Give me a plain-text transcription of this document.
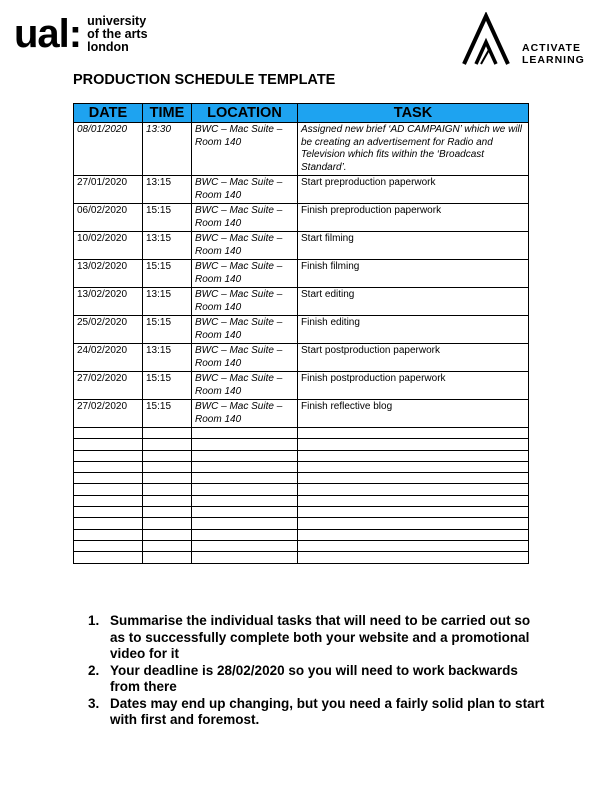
ual: university
of the arts
london	ACTIVATE
LEARNING
PRODUCTION SCHEDULE TEMPLATE
DATE	TIME	LOCATION	TASK
08/01/2020	13:30	BWC – Mac Suite – Room 140	Assigned new brief ‘AD CAMPAIGN’ which we will be creating an advertisement for Radio and Television which fits within the ‘Broadcast Standard’.
27/01/2020	13:15	BWC – Mac Suite – Room 140	Start preproduction paperwork
06/02/2020	15:15	BWC – Mac Suite – Room 140	Finish preproduction paperwork
10/02/2020	13:15	BWC – Mac Suite – Room 140	Start filming
13/02/2020	15:15	BWC – Mac Suite – Room 140	Finish filming
13/02/2020	13:15	BWC – Mac Suite – Room 140	Start editing
25/02/2020	15:15	BWC – Mac Suite – Room 140	Finish editing
24/02/2020	13:15	BWC – Mac Suite – Room 140	Start postproduction paperwork
27/02/2020	15:15	BWC – Mac Suite – Room 140	Finish postproduction paperwork
27/02/2020	15:15	BWC – Mac Suite – Room 140	Finish reflective blog

1. Summarise the individual tasks that will need to be carried out so as to successfully complete both your website and a promotional video for it
2. Your deadline is 28/02/2020 so you will need to work backwards from there
3. Dates may end up changing, but you need a fairly solid plan to start with first and foremost.
